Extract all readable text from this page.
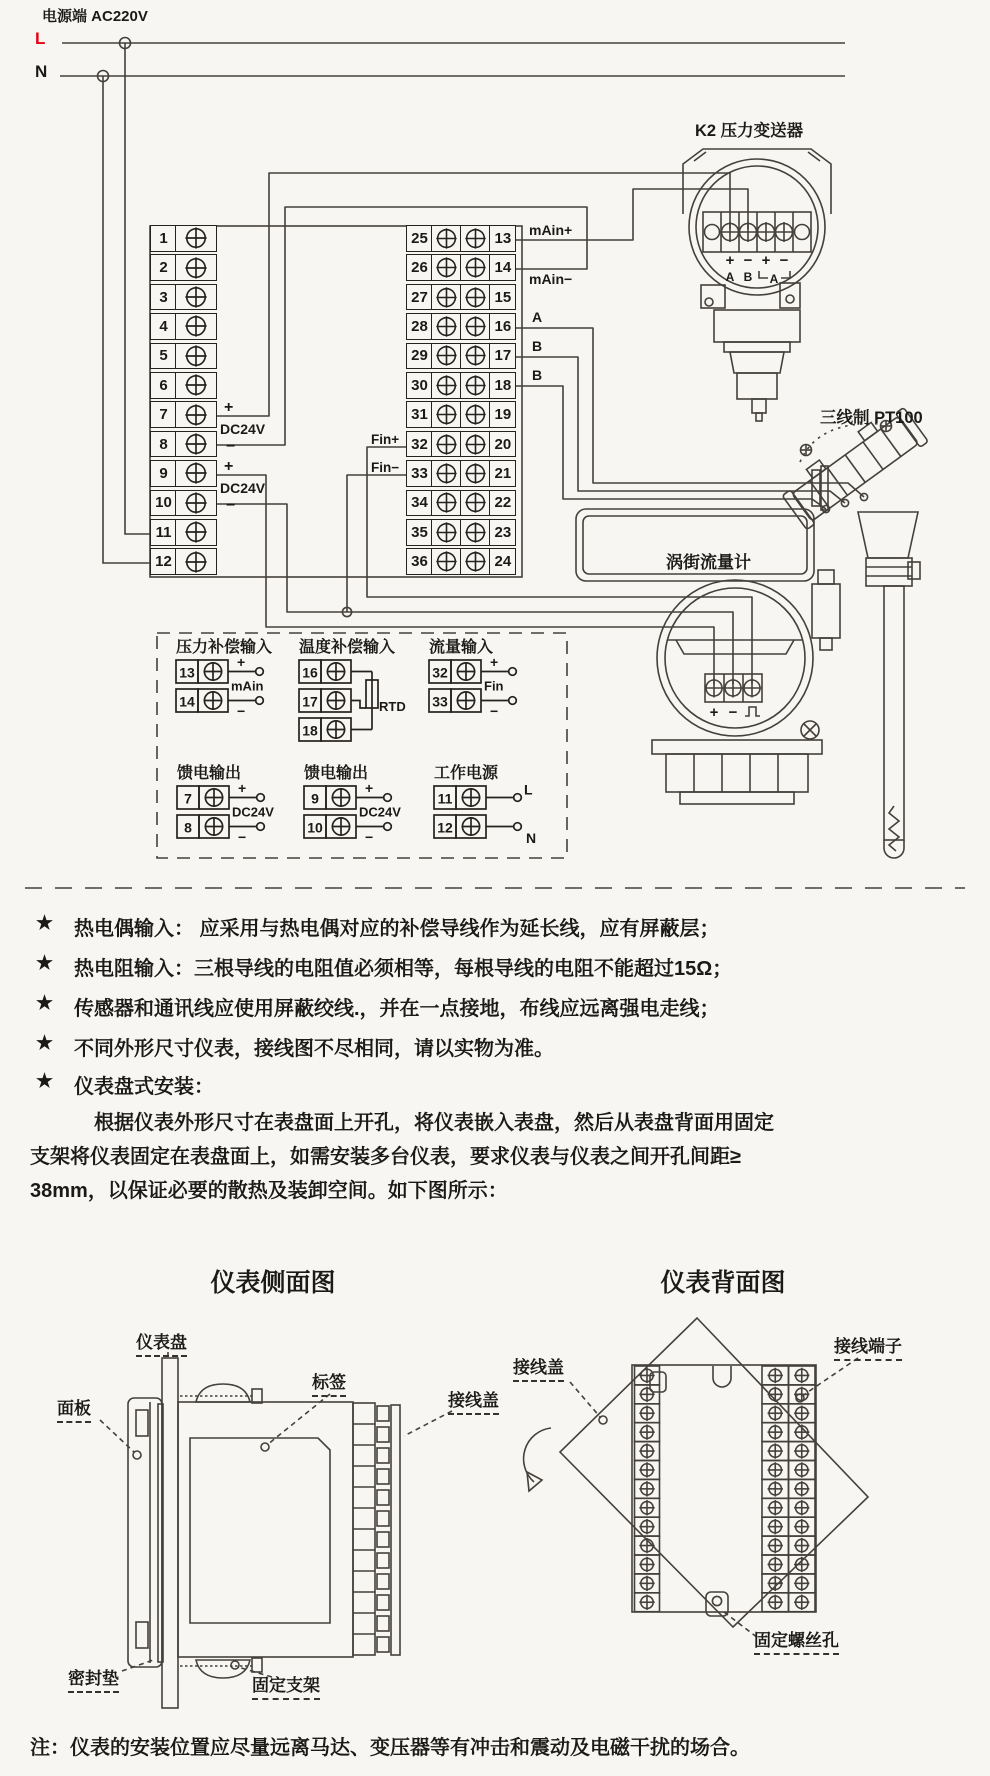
+ − + −
A B A
+ −
1
2
3
4
5
6
7
8
9
10
11
12
25	13
26	14
27	15
28	16
29	17
30	18
31	19
32	20
33	21
34	22
35	23
36	24
13
14
+
mAin
−
16
17
18
RTD
32
33
+
Fin
−
7
8
+
DC24V
−
9
10
+
DC24V
−
11
12
L
N
电源端 AC220V
L
N
+
DC24V
−
+
DC24V
−
Fin+
Fin−
mAin+
mAin−
A
B
B
K2 压力变送器
三线制 PT100
涡街流量计
压力补偿输入 温度补偿输入 流量输入
馈电输出	馈电输出	工作电源
★	热电偶输入： 应采用与热电偶对应的补偿导线作为延长线，应有屏蔽层；
★	热电阻输入：三根导线的电阻值必须相等，每根导线的电阻不能超过15Ω；
★	传感器和通讯线应使用屏蔽绞线.，并在一点接地，布线应远离强电走线；
★	不同外形尺寸仪表，接线图不尽相同，请以实物为准。
★	仪表盘式安装：
根据仪表外形尺寸在表盘面上开孔，将仪表嵌入表盘，然后从表盘背面用固定
支架将仪表固定在表盘面上，如需安装多台仪表，要求仪表与仪表之间开孔间距≥
38mm，以保证必要的散热及装卸空间。如下图所示：
仪表侧面图	仪表背面图
仪表盘
面板
标签
接线盖
密封垫	固定支架
接线盖
接线端子
固定螺丝孔
注：仪表的安装位置应尽量远离马达、变压器等有冲击和震动及电磁干扰的场合。
